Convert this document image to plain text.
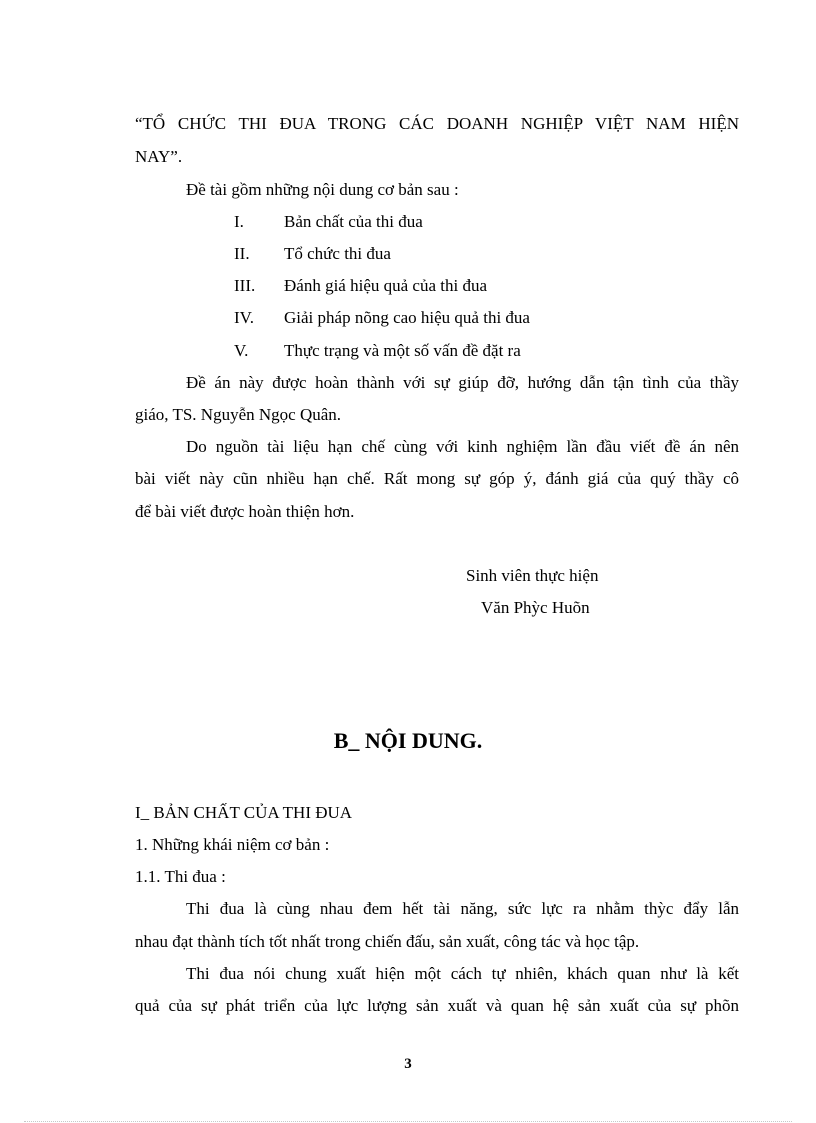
“TỔ CHỨC THI ĐUA TRONG CÁC DOANH NGHIỆP VIỆT NAM HIỆN
NAY”.
Đề tài gồm những nội dung cơ bản sau :
I. Bản chất của thi đua
II. Tổ chức thi đua
III. Đánh giá hiệu quả của thi đua
IV. Giải pháp nõng cao hiệu quả thi đua
V. Thực trạng và một số vấn đề đặt ra
Đề án này được hoàn thành với sự giúp đỡ, hướng dẫn tận tình của thầy
giáo, TS. Nguyễn Ngọc Quân.
Do nguồn tài liệu hạn chế cùng với kinh nghiệm lần đầu viết đề án nên
bài viết này cũn nhiều hạn chế. Rất mong sự góp ý, đánh giá của quý thầy cô
để bài viết được hoàn thiện hơn.
Sinh viên thực hiện
Văn Phỳc Huõn
B_ NỘI DUNG.
I_ BẢN CHẤT CỦA THI ĐUA
1. Những khái niệm cơ bản :
1.1. Thi đua :
Thi đua là cùng nhau đem hết tài năng, sức lực ra nhằm thỳc đẩy lẫn
nhau đạt thành tích tốt nhất trong chiến đấu, sản xuất, công tác và học tập.
Thi đua nói chung xuất hiện một cách tự nhiên, khách quan như là kết
quả của sự phát triển của lực lượng sản xuất và quan hệ sản xuất của sự phõn
3
